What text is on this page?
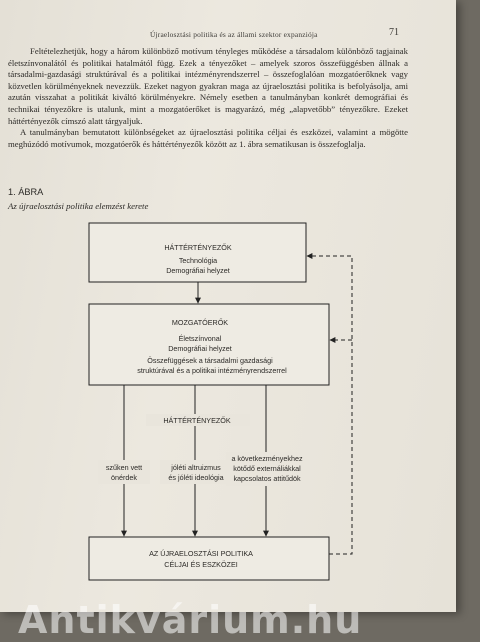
Újraelosztási politika és az állami szektor expanziója	71

Feltételezhetjük, hogy a három különböző motívum tényleges működése a társadalom különböző tagjainak életszínvonalától és politikai hatalmától függ. Ezek a tényezőket – amelyek szoros összefüggésben állnak a társadalmi-gazdasági struktúrával és a politikai intézményrendszerrel – összefoglalóan mozgatóerőknek vagy közvetlen körülményeknek nevezzük. Ezeket nagyon gyakran maga az újraelosztási politika is befolyásolja, ami azután visszahat a politikát kiváltó körülményekre. Némely esetben a tanulmányban konkrét demográfiai és technikai tényezőkre is utalunk, mint a mozgatóerőket is magyarázó, még „alapvetőbb” tényezőkre. Ezeket háttértényezők címszó alatt tárgyaljuk.

A tanulmányban bemutatott különbségeket az újraelosztási politika céljai és eszközei, valamint a mögötte meghúzódó motívumok, mozgatóerők és háttértényezők között az 1. ábra sematikusan is összefoglalja.

1. ÁBRA
Az újraelosztási politika elemzést kerete
HÁTTÉRTÉNYEZŐK
Technológia
Demográfiai helyzet
MOZGATÓERŐK
Életszínvonal
Demográfiai helyzet
Összefüggések a társadalmi gazdasági
struktúrával és a politikai intézményrendszerrel
HÁTTÉRTÉNYEZŐK
szűken vett
önérdek
jóléti altruizmus
és jóléti ideológia
a következményekhez
kötődő externáliákkal
kapcsolatos attitűdök
AZ ÚJRAELOSZTÁSI POLITIKA
CÉLJAI ÉS ESZKÖZEI
Antikvárium.hu
